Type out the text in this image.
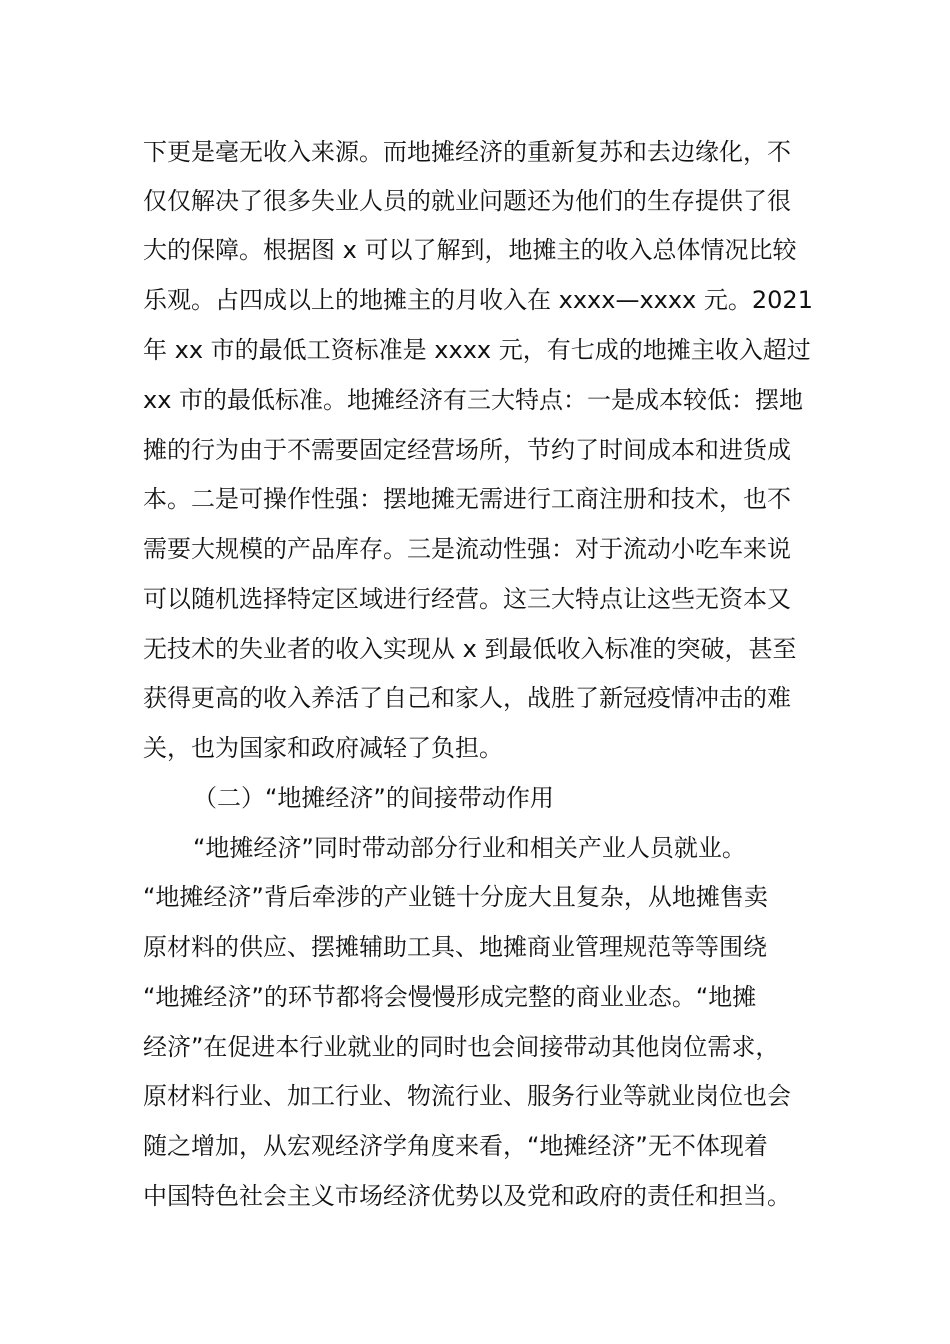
下更是毫无收入来源。而地摊经济的重新复苏和去边缘化，不
仅仅解决了很多失业人员的就业问题还为他们的生存提供了很
大的保障。根据图 x 可以了解到，地摊主的收入总体情况比较
乐观。占四成以上的地摊主的月收入在 xxxx—xxxx 元。2021
年 xx 市的最低工资标准是 xxxx 元，有七成的地摊主收入超过
xx 市的最低标准。地摊经济有三大特点：一是成本较低：摆地
摊的行为由于不需要固定经营场所，节约了时间成本和进货成
本。二是可操作性强：摆地摊无需进行工商注册和技术，也不
需要大规模的产品库存。三是流动性强：对于流动小吃车来说
可以随机选择特定区域进行经营。这三大特点让这些无资本又
无技术的失业者的收入实现从 x 到最低收入标准的突破，甚至
获得更高的收入养活了自己和家人，战胜了新冠疫情冲击的难
关，也为国家和政府减轻了负担。
（二）“地摊经济”的间接带动作用
“地摊经济”同时带动部分行业和相关产业人员就业。
“地摊经济”背后牵涉的产业链十分庞大且复杂，从地摊售卖
原材料的供应、摆摊辅助工具、地摊商业管理规范等等围绕
“地摊经济”的环节都将会慢慢形成完整的商业业态。“地摊
经济”在促进本行业就业的同时也会间接带动其他岗位需求，
原材料行业、加工行业、物流行业、服务行业等就业岗位也会
随之增加，从宏观经济学角度来看，“地摊经济”无不体现着
中国特色社会主义市场经济优势以及党和政府的责任和担当。
